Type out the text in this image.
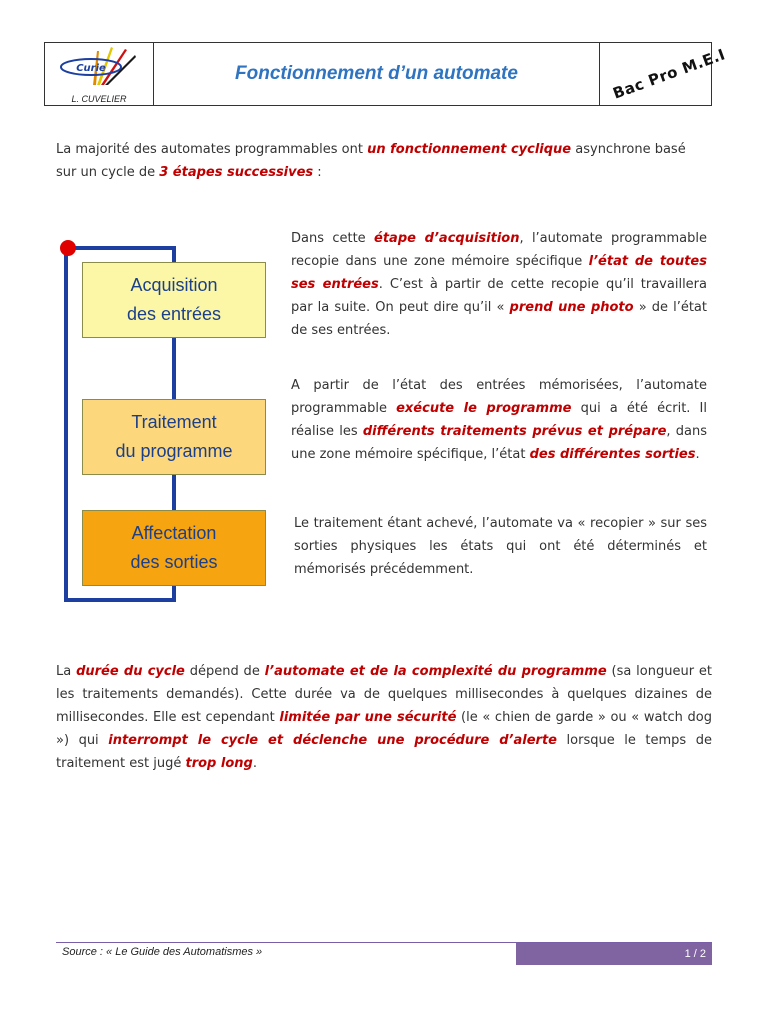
Curie
L. CUVELIER
Fonctionnement d’un automate	Bac Pro M.E.I
La majorité des automates programmables ont un fonctionnement cyclique asynchrone basé sur un cycle de 3 étapes successives :
Acquisition
des entrées
Traitement
du programme
Affectation
des sorties
Dans cette étape d’acquisition, l’automate programmable recopie dans une zone mémoire spécifique l’état de toutes ses entrées. C’est à partir de cette recopie qu’il travaillera par la suite. On peut dire qu’il « prend une photo » de l’état de ses entrées.
A partir de l’état des entrées mémorisées, l’automate programmable exécute le programme qui a été écrit. Il réalise les différents traitements prévus et prépare, dans une zone mémoire spécifique, l’état des différentes sorties.
Le traitement étant achevé, l’automate va « recopier » sur ses sorties physiques les états qui ont été déterminés et mémorisés précédemment.
La durée du cycle dépend de l’automate et de la complexité du programme (sa longueur et les traitements demandés). Cette durée va de quelques millisecondes à quelques dizaines de millisecondes. Elle est cependant limitée par une sécurité (le « chien de garde » ou « watch dog ») qui interrompt le cycle et déclenche une procédure d’alerte lorsque le temps de traitement est jugé trop long.
Source : « Le Guide des Automatismes »	1 / 2
